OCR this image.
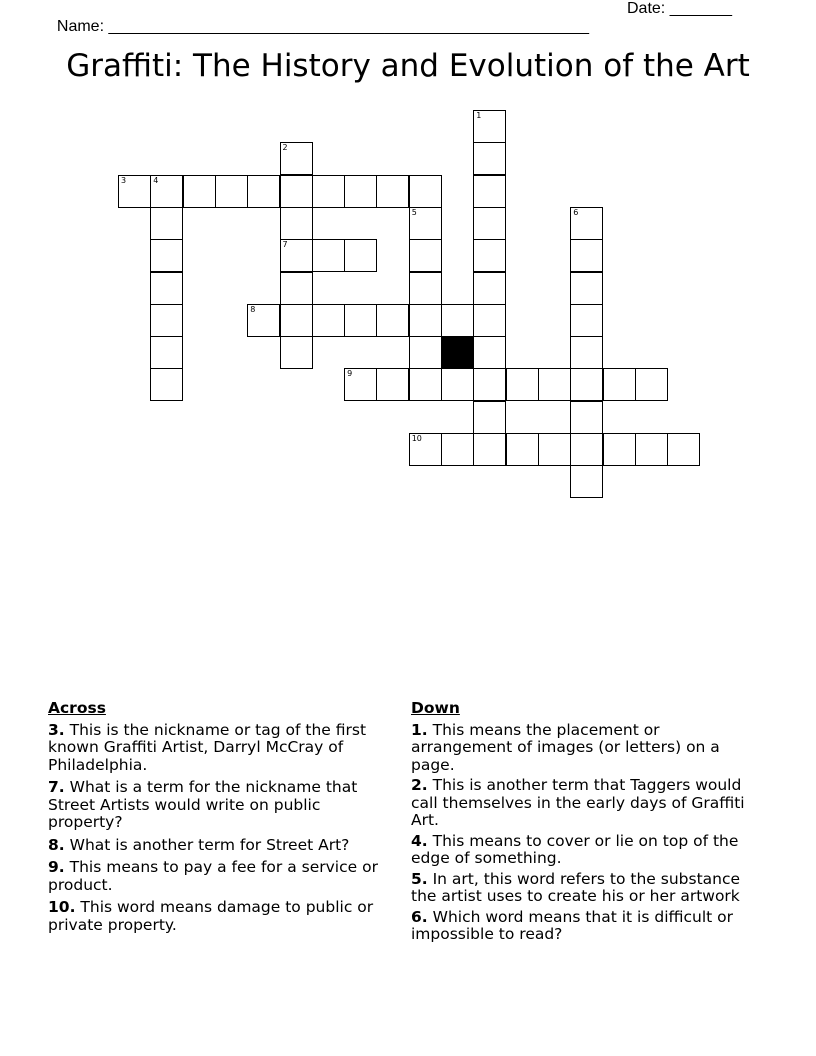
Name: ______________________________________________________

Date: _______

Graffiti: The History and Evolution of the Art
1
2
3	4
5	6
7
8
9
10
Across
3. This is the nickname or tag of the first known Graffiti Artist, Darryl McCray of Philadelphia.
7. What is a term for the nickname that Street Artists would write on public property?
8. What is another term for Street Art?
9. This means to pay a fee for a service or product.
10. This word means damage to public or private property.
Down
1. This means the placement or arrangement of images (or letters) on a page.
2. This is another term that Taggers would call themselves in the early days of Graffiti Art.
4. This means to cover or lie on top of the edge of something.
5. In art, this word refers to the substance the artist uses to create his or her artwork
6. Which word means that it is difficult or impossible to read?
